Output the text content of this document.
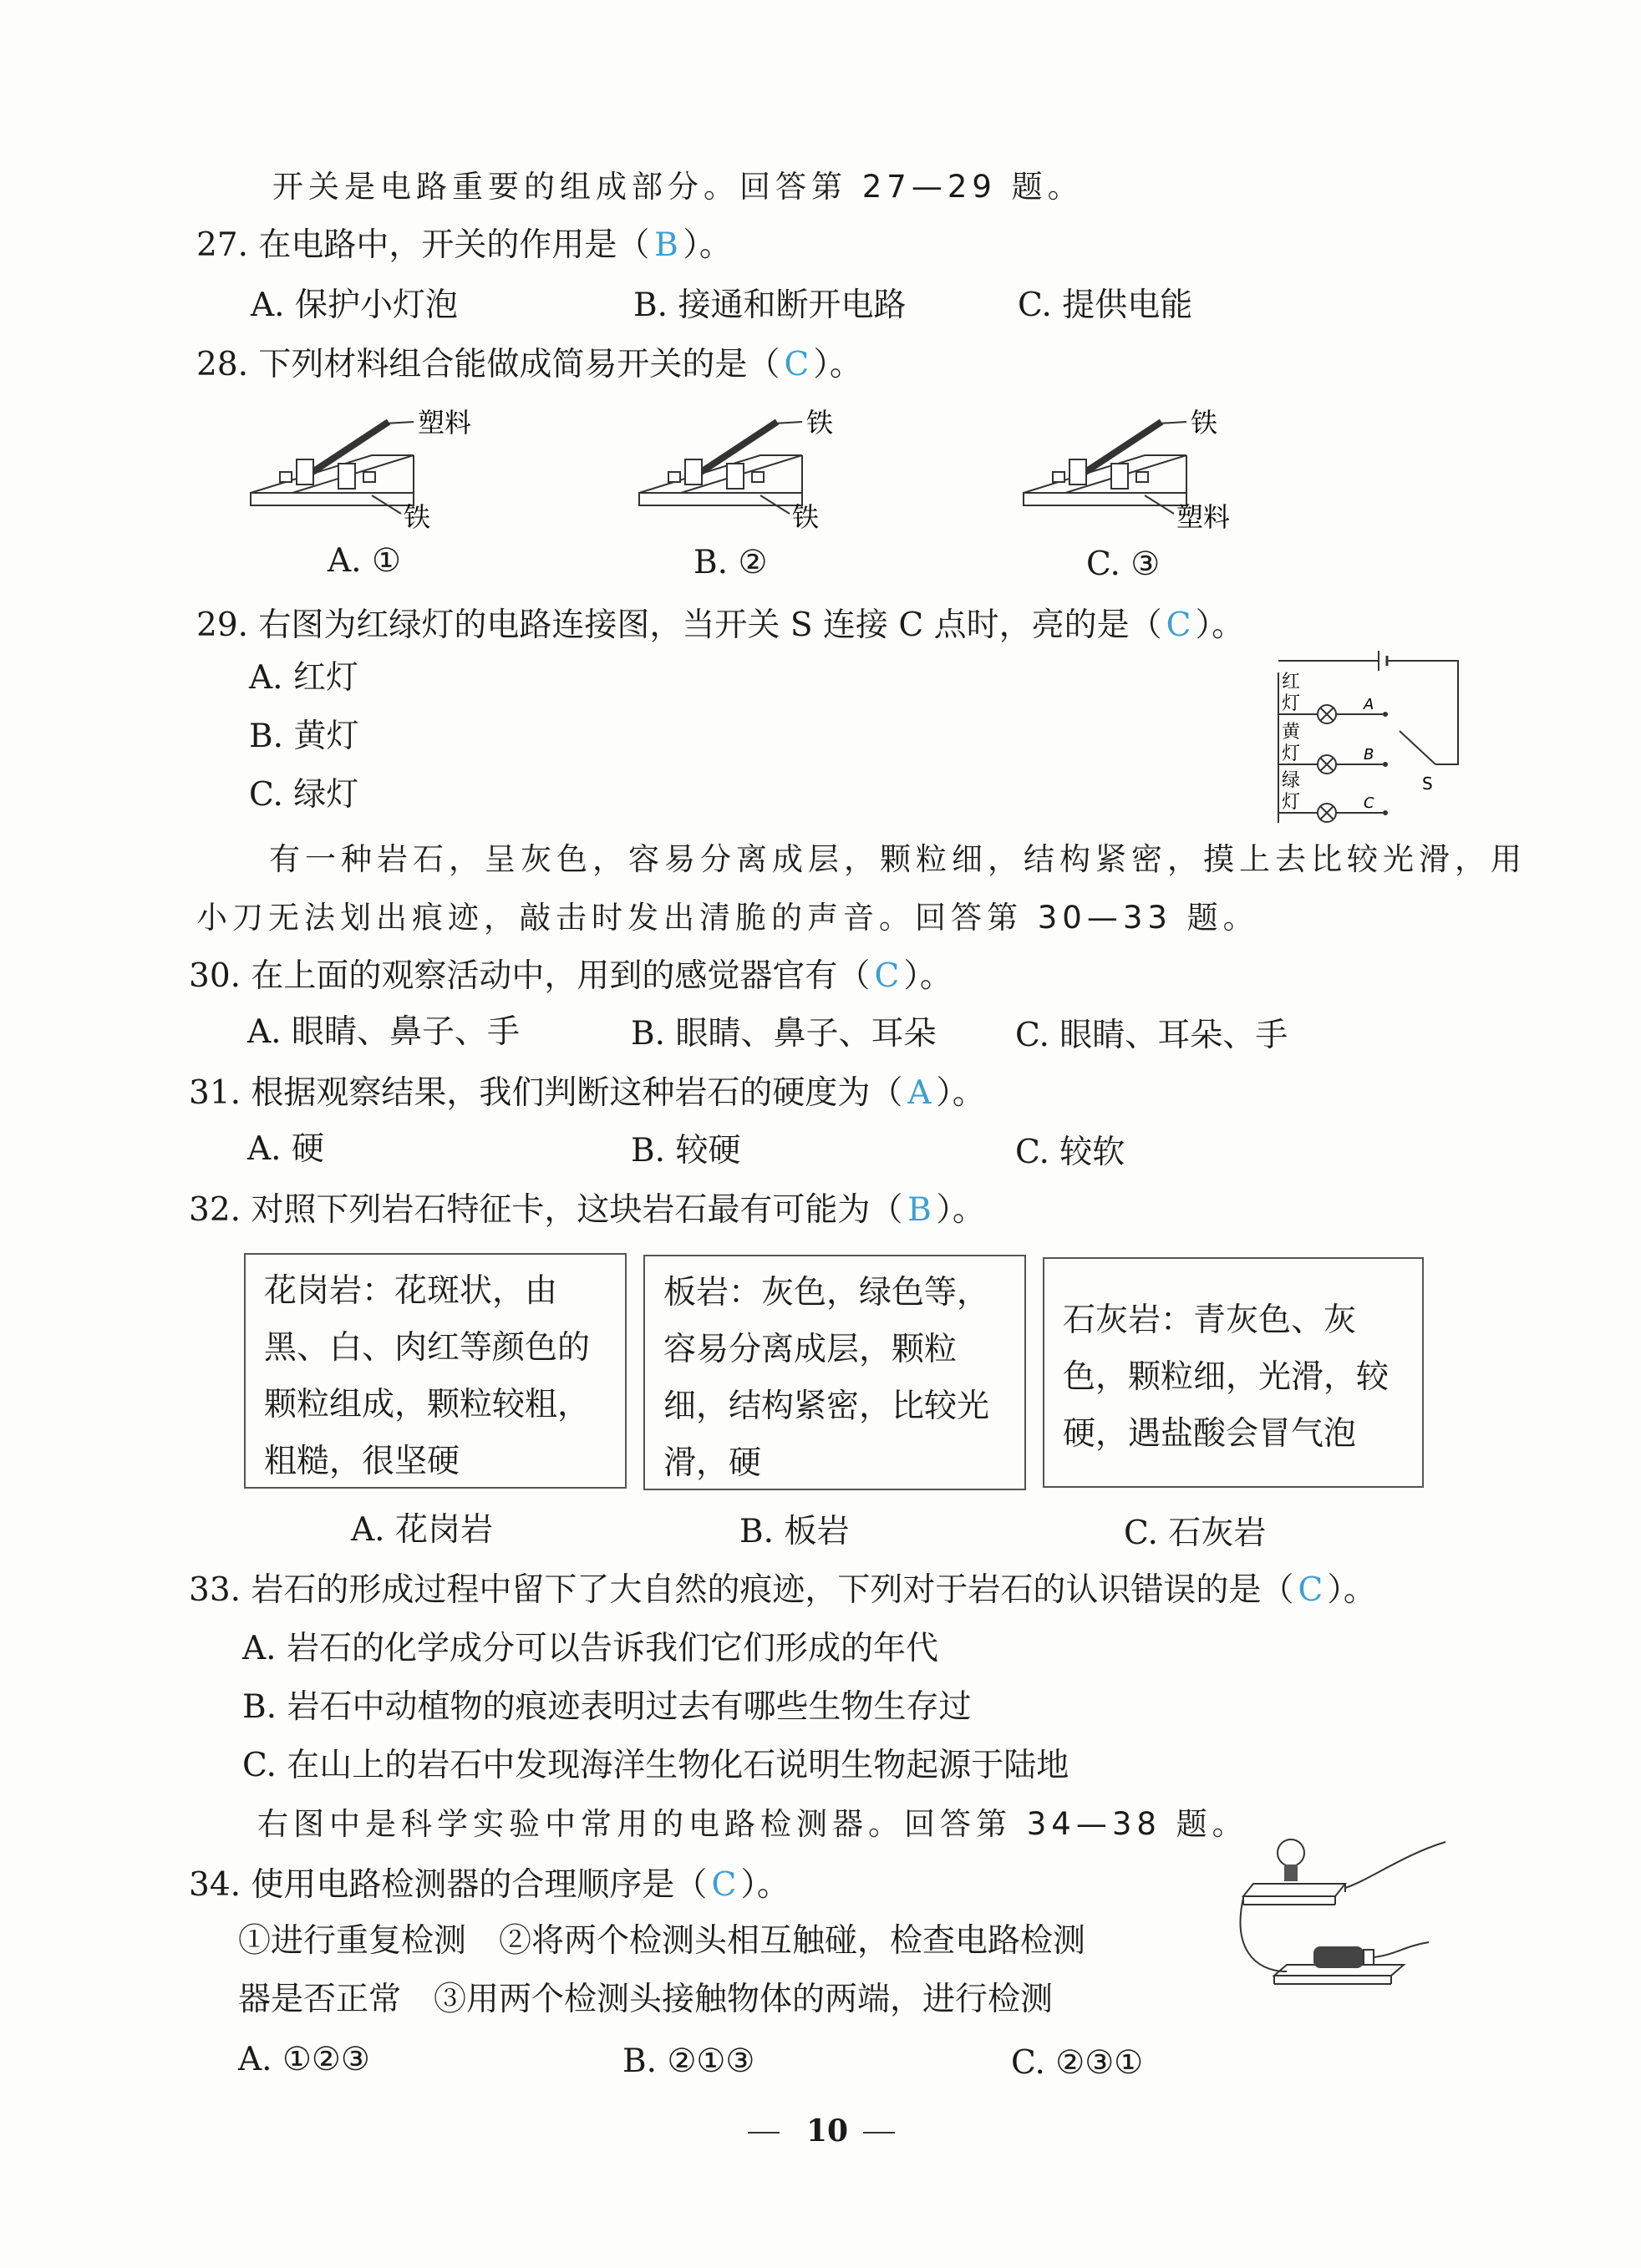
开关是电路重要的组成部分。回答第 27—29 题。
27. 在电路中，开关的作用是（ B ）。
A. 保护小灯泡	B. 接通和断开电路	C. 提供电能
28. 下列材料组合能做成简易开关的是（ C ）。
塑料
铁
铁
铁
铁
塑料
A. ①	B. ②	C. ③
29. 右图为红绿灯的电路连接图，当开关 S 连接 C 点时，亮的是（ C ）。
A. 红灯
B. 黄灯
C. 绿灯
红
灯
黄
灯
绿
灯
A
B
C
S
有一种岩石，呈灰色，容易分离成层，颗粒细，结构紧密，摸上去比较光滑，用
小刀无法划出痕迹，敲击时发出清脆的声音。回答第 30—33 题。
30. 在上面的观察活动中，用到的感觉器官有（ C ）。
A. 眼睛、鼻子、手	B. 眼睛、鼻子、耳朵 C. 眼睛、耳朵、手
31. 根据观察结果，我们判断这种岩石的硬度为（ A ）。
A. 硬	B. 较硬	C. 较软
32. 对照下列岩石特征卡，这块岩石最有可能为（ B ）。
花岗岩：花斑状，由黑、白、肉红等颜色的颗粒组成，颗粒较粗，粗糙，很坚硬
板岩：灰色，绿色等，容易分离成层，颗粒细，结构紧密，比较光滑，硬
石灰岩：青灰色、灰色，颗粒细，光滑，较硬，遇盐酸会冒气泡
A. 花岗岩	B. 板岩	C. 石灰岩
33. 岩石的形成过程中留下了大自然的痕迹，下列对于岩石的认识错误的是（ C ）。
A. 岩石的化学成分可以告诉我们它们形成的年代
B. 岩石中动植物的痕迹表明过去有哪些生物生存过
C. 在山上的岩石中发现海洋生物化石说明生物起源于陆地
右图中是科学实验中常用的电路检测器。回答第 34—38 题。
34. 使用电路检测器的合理顺序是（ C ）。
①进行重复检测　②将两个检测头相互触碰，检查电路检测
器是否正常　③用两个检测头接触物体的两端，进行检测
A. ①②③	B. ②①③	C. ②③①
10
